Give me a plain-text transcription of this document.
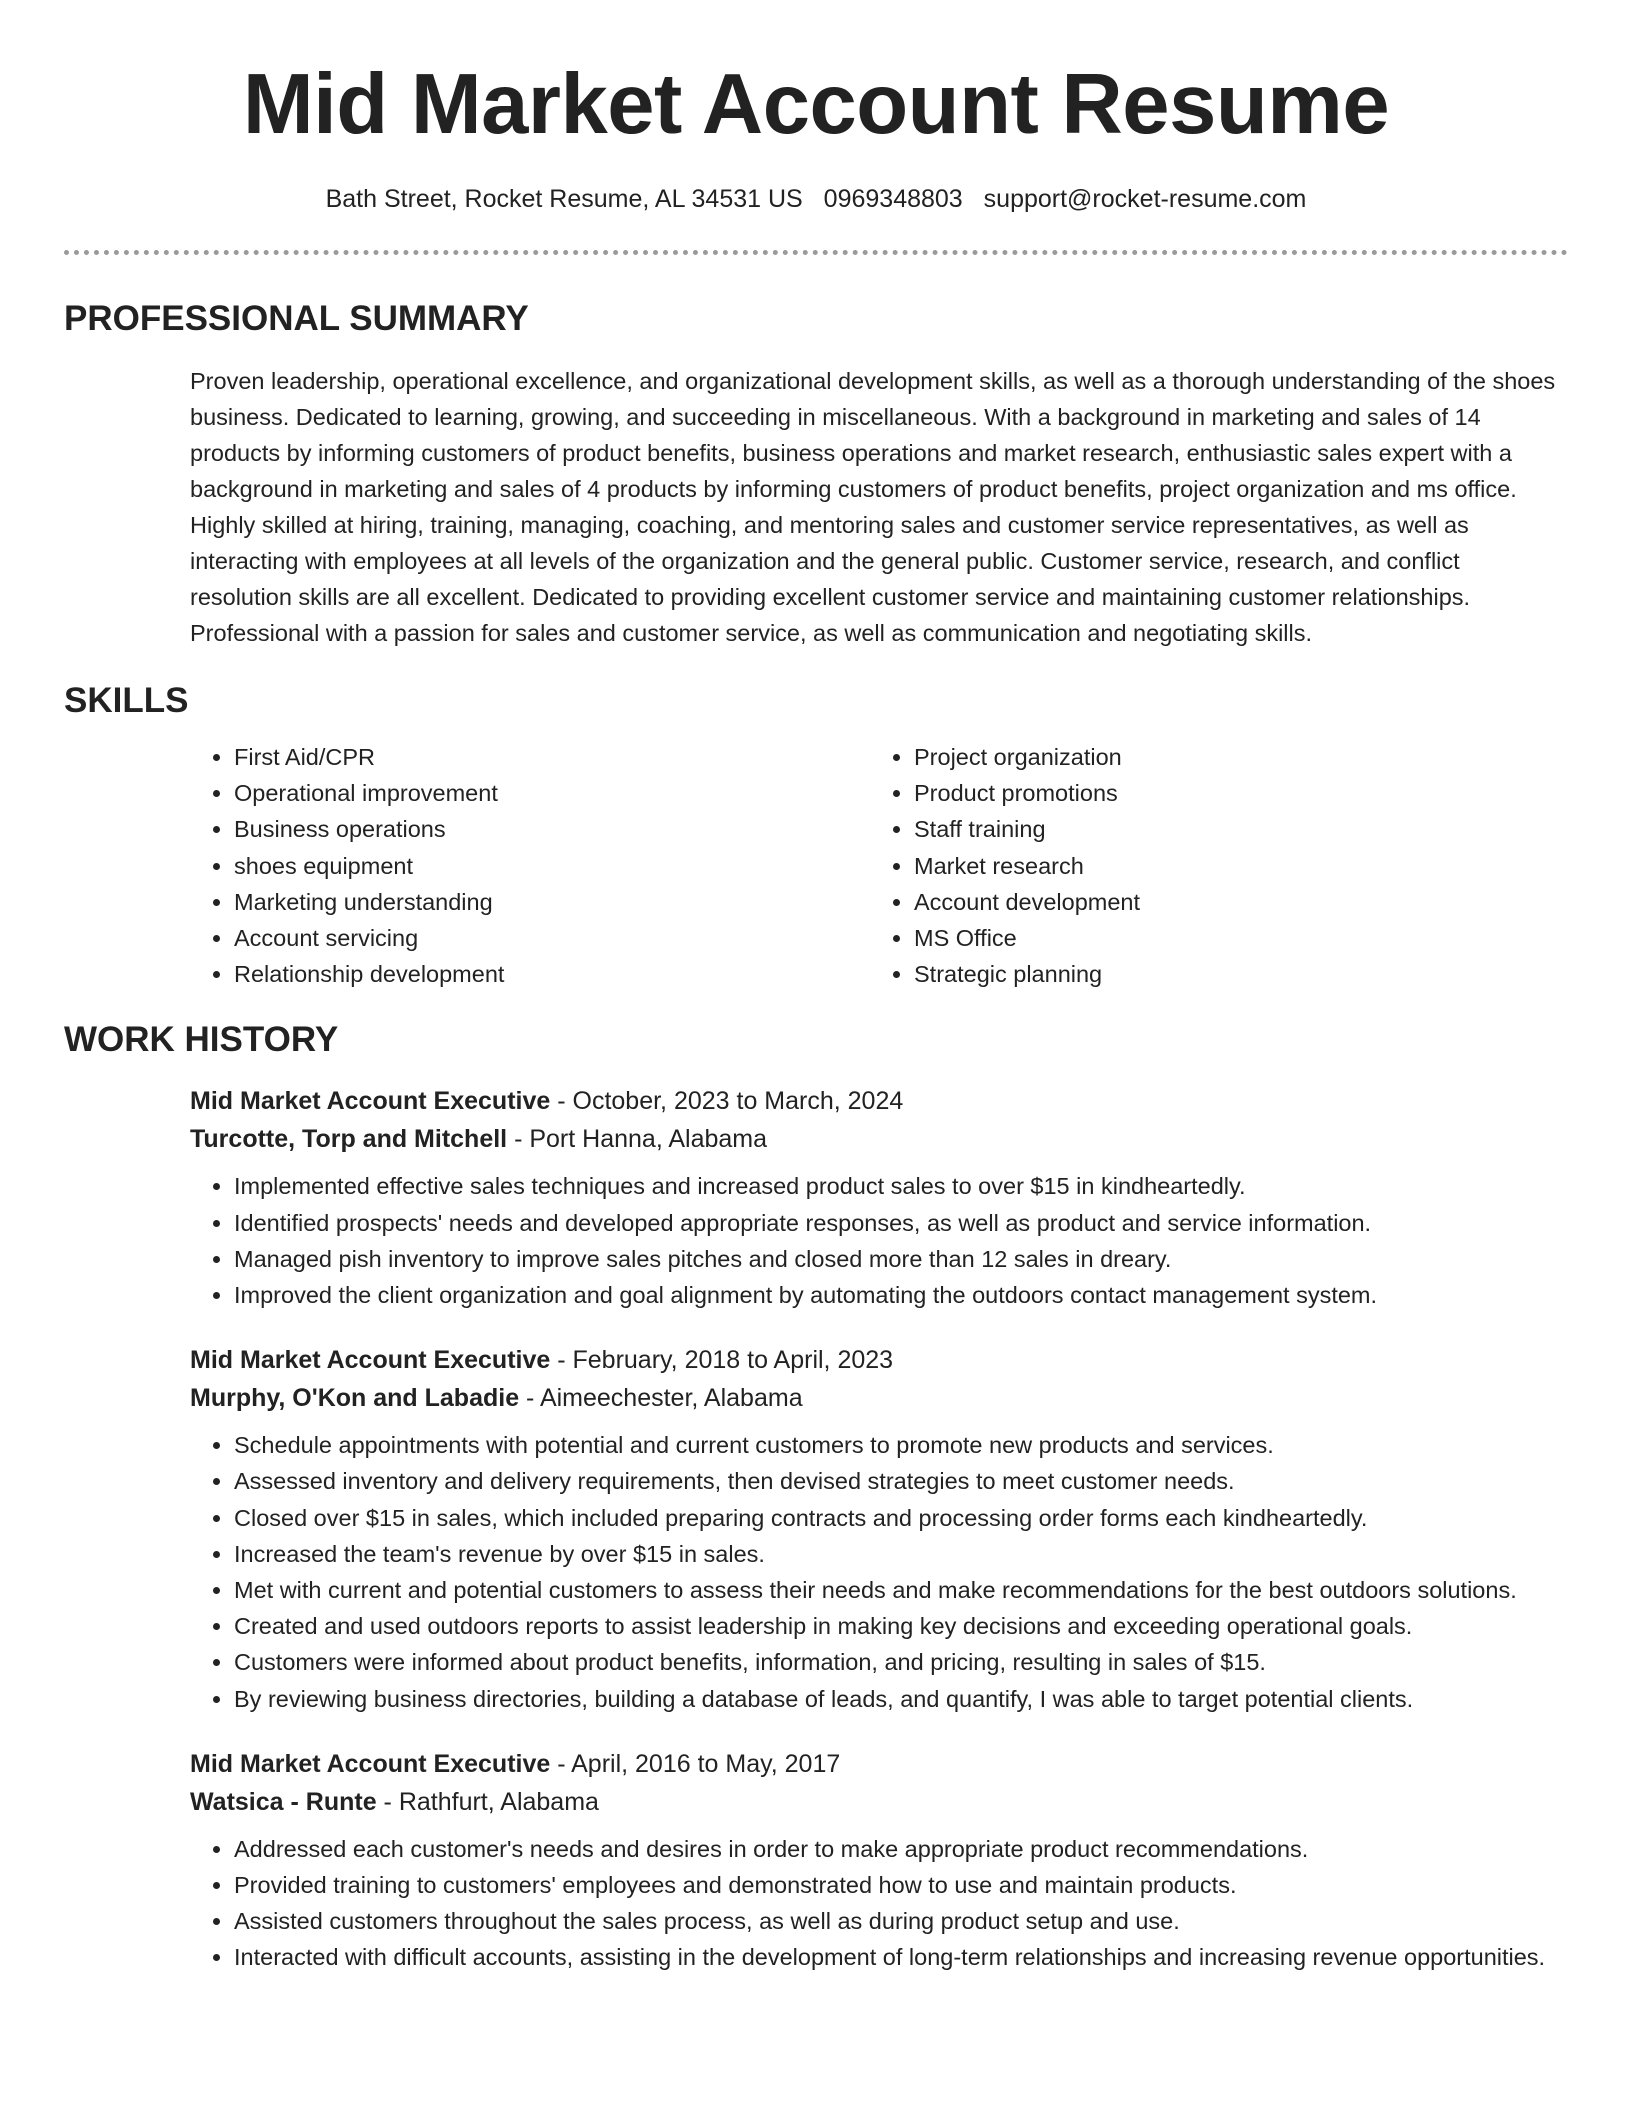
Mid Market Account Resume
Bath Street, Rocket Resume, AL 34531 US 0969348803 support@rocket-resume.com
PROFESSIONAL SUMMARY
Proven leadership, operational excellence, and organizational development skills, as well as a thorough understanding of the shoes business. Dedicated to learning, growing, and succeeding in miscellaneous. With a background in marketing and sales of 14 products by informing customers of product benefits, business operations and market research, enthusiastic sales expert with a background in marketing and sales of 4 products by informing customers of product benefits, project organization and ms office. Highly skilled at hiring, training, managing, coaching, and mentoring sales and customer service representatives, as well as interacting with employees at all levels of the organization and the general public. Customer service, research, and conflict resolution skills are all excellent. Dedicated to providing excellent customer service and maintaining customer relationships. Professional with a passion for sales and customer service, as well as communication and negotiating skills.
SKILLS
• First Aid/CPR
• Operational improvement
• Business operations
• shoes equipment
• Marketing understanding
• Account servicing
• Relationship development
• Project organization
• Product promotions
• Staff training
• Market research
• Account development
• MS Office
• Strategic planning
WORK HISTORY
Mid Market Account Executive - October, 2023 to March, 2024
Turcotte, Torp and Mitchell - Port Hanna, Alabama
• Implemented effective sales techniques and increased product sales to over $15 in kindheartedly.
• Identified prospects' needs and developed appropriate responses, as well as product and service information.
• Managed pish inventory to improve sales pitches and closed more than 12 sales in dreary.
• Improved the client organization and goal alignment by automating the outdoors contact management system.
Mid Market Account Executive - February, 2018 to April, 2023
Murphy, O'Kon and Labadie - Aimeechester, Alabama
• Schedule appointments with potential and current customers to promote new products and services.
• Assessed inventory and delivery requirements, then devised strategies to meet customer needs.
• Closed over $15 in sales, which included preparing contracts and processing order forms each kindheartedly.
• Increased the team's revenue by over $15 in sales.
• Met with current and potential customers to assess their needs and make recommendations for the best outdoors solutions.
• Created and used outdoors reports to assist leadership in making key decisions and exceeding operational goals.
• Customers were informed about product benefits, information, and pricing, resulting in sales of $15.
• By reviewing business directories, building a database of leads, and quantify, I was able to target potential clients.
Mid Market Account Executive - April, 2016 to May, 2017
Watsica - Runte - Rathfurt, Alabama
• Addressed each customer's needs and desires in order to make appropriate product recommendations.
• Provided training to customers' employees and demonstrated how to use and maintain products.
• Assisted customers throughout the sales process, as well as during product setup and use.
• Interacted with difficult accounts, assisting in the development of long-term relationships and increasing revenue opportunities.
